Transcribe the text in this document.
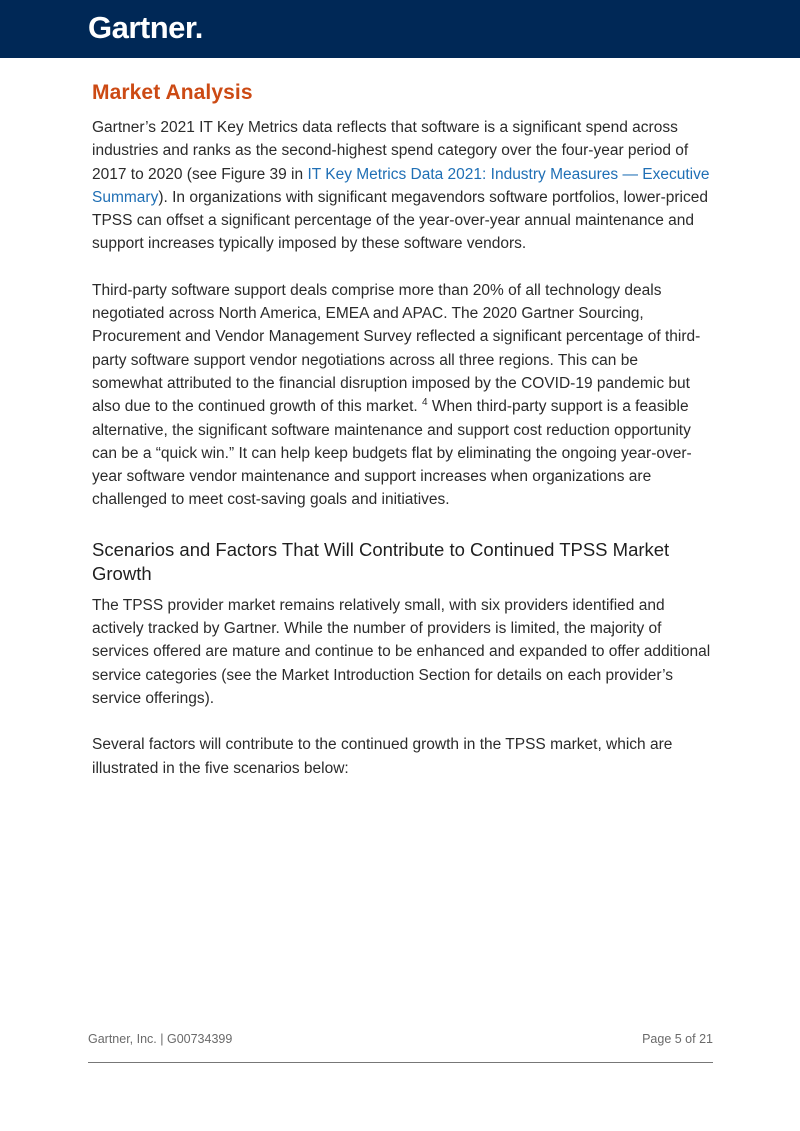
Gartner.
Market Analysis

Gartner’s 2021 IT Key Metrics data reflects that software is a significant spend across industries and ranks as the second-highest spend category over the four-year period of 2017 to 2020 (see Figure 39 in IT Key Metrics Data 2021: Industry Measures — Executive Summary). In organizations with significant megavendors software portfolios, lower-priced TPSS can offset a significant percentage of the year-over-year annual maintenance and support increases typically imposed by these software vendors.

Third-party software support deals comprise more than 20% of all technology deals negotiated across North America, EMEA and APAC. The 2020 Gartner Sourcing, Procurement and Vendor Management Survey reflected a significant percentage of third-party software support vendor negotiations across all three regions. This can be somewhat attributed to the financial disruption imposed by the COVID-19 pandemic but also due to the continued growth of this market. $^4$ When third-party support is a feasible alternative, the significant software maintenance and support cost reduction opportunity can be a “quick win.” It can help keep budgets flat by eliminating the ongoing year-over-year software vendor maintenance and support increases when organizations are challenged to meet cost-saving goals and initiatives.

Scenarios and Factors That Will Contribute to Continued TPSS Market Growth

The TPSS provider market remains relatively small, with six providers identified and actively tracked by Gartner. While the number of providers is limited, the majority of services offered are mature and continue to be enhanced and expanded to offer additional service categories (see the Market Introduction Section for details on each provider’s service offerings).

Several factors will contribute to the continued growth in the TPSS market, which are illustrated in the five scenarios below:

Gartner, Inc. | G00734399	Page 5 of 21
